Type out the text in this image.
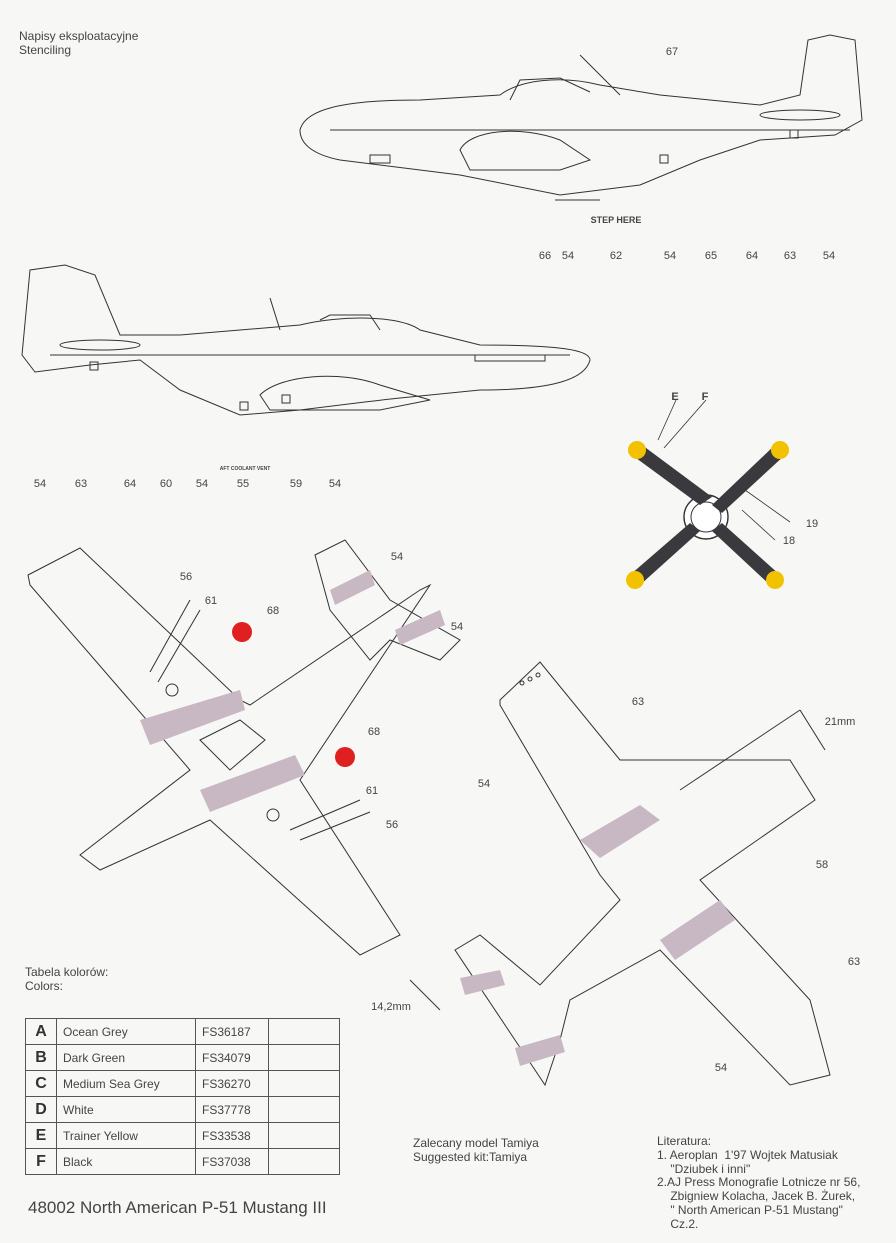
67
66 54	62	54	65	64 63 54
STEP HERE
54	63	64 60 54	55	59 54
AFT COOLANT VENT
E F
19
18
54
56
61
68
54
68
61
56
63
54
21mm
58
63
14,2mm
54
Napisy eksploatacyjne
Stenciling
Tabela kolorów:
Colors:
A	Ocean Grey	FS36187	
B	Dark Green	FS34079	
C	Medium Sea Grey	FS36270	
D	White	FS37778	
E	Trainer Yellow	FS33538	
F	Black	FS37038	
Zalecany model Tamiya
Suggested kit:Tamiya
Literatura:
1. Aeroplan  1'97 Wojtek Matusiak
"Dziubek i inni"
2.AJ Press Monografie Lotnicze nr 56,
Zbigniew Kolacha, Jacek B. Żurek,
" North American P-51 Mustang"
Cz.2.
48002 North American P-51 Mustang III
